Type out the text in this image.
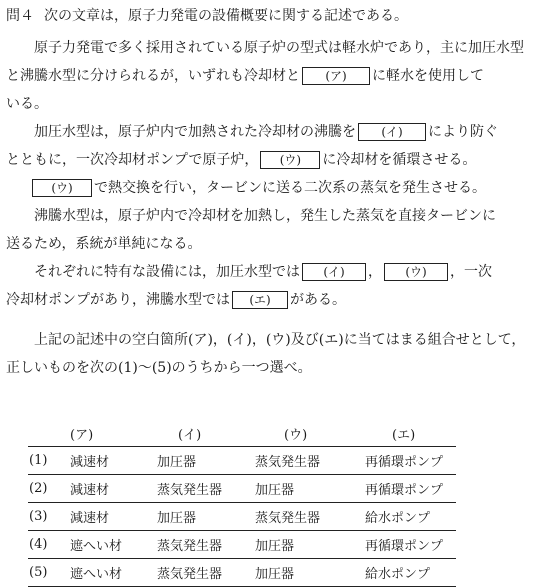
問４ 次の文章は，原子力発電の設備概要に関する記述である。
原子力発電で多く採用されている原子炉の型式は軽水炉であり，主に加圧水型
と沸騰水型に分けられるが，いずれも冷却材と (ア) に軽水を使用して
いる。
加圧水型は，原子炉内で加熱された冷却材の沸騰を (イ) により防ぐ
とともに，一次冷却材ポンプで原子炉， (ウ) に冷却材を循環させる。
(ウ) で熱交換を行い，タービンに送る二次系の蒸気を発生させる。
沸騰水型は，原子炉内で冷却材を加熱し，発生した蒸気を直接タービンに
送るため，系統が単純になる。
それぞれに特有な設備には，加圧水型では (イ) ， (ウ) ，一次
冷却材ポンプがあり，沸騰水型では (エ) がある。
上記の記述中の空白箇所(ア)，(イ)，(ウ)及び(エ)に当てはまる組合せとして，
正しいものを次の(1)～(5)のうちから一つ選べ。
	(ア)	(イ)	(ウ)	(エ)
(1)	減速材	加圧器	蒸気発生器	再循環ポンプ
(2)	減速材	蒸気発生器	加圧器	再循環ポンプ
(3)	減速材	加圧器	蒸気発生器	給水ポンプ
(4)	遮へい材	蒸気発生器	加圧器	再循環ポンプ
(5)	遮へい材	蒸気発生器	加圧器	給水ポンプ
